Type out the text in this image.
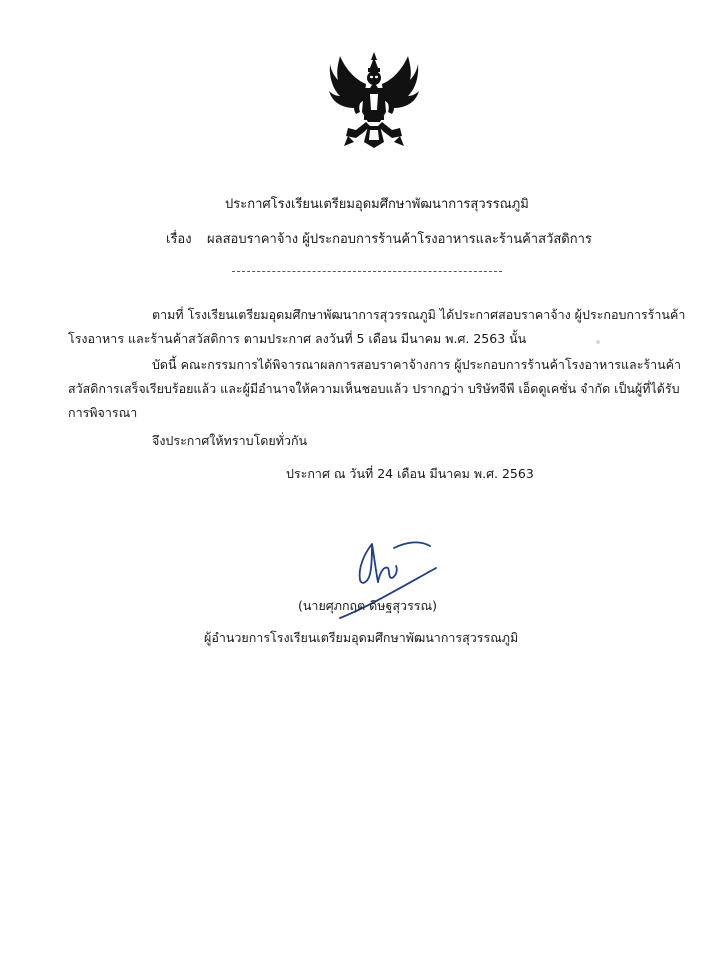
ประกาศโรงเรียนเตรียมอุดมศึกษาพัฒนาการสุวรรณภูมิ
เรื่อง ผลสอบราคาจ้าง ผู้ประกอบการร้านค้าโรงอาหารและร้านค้าสวัสดิการ
ตามที่ โรงเรียนเตรียมอุดมศึกษาพัฒนาการสุวรรณภูมิ ได้ประกาศสอบราคาจ้าง ผู้ประกอบการร้านค้า
โรงอาหาร และร้านค้าสวัสดิการ ตามประกาศ ลงวันที่ 5 เดือน มีนาคม พ.ศ. 2563 นั้น
บัดนี้ คณะกรรมการได้พิจารณาผลการสอบราคาจ้างการ ผู้ประกอบการร้านค้าโรงอาหารและร้านค้า
สวัสดิการเสร็จเรียบร้อยแล้ว และผู้มีอำนาจให้ความเห็นชอบแล้ว ปรากฏว่า บริษัทจีพี เอ็ดดูเคชั่น จำกัด เป็นผู้ที่ได้รับ
การพิจารณา
จึงประกาศให้ทราบโดยทั่วกัน
ประกาศ ณ วันที่ 24 เดือน มีนาคม พ.ศ. 2563
(นายศุภกฤต ดิษฐสุวรรณ)
ผู้อำนวยการโรงเรียนเตรียมอุดมศึกษาพัฒนาการสุวรรณภูมิ
